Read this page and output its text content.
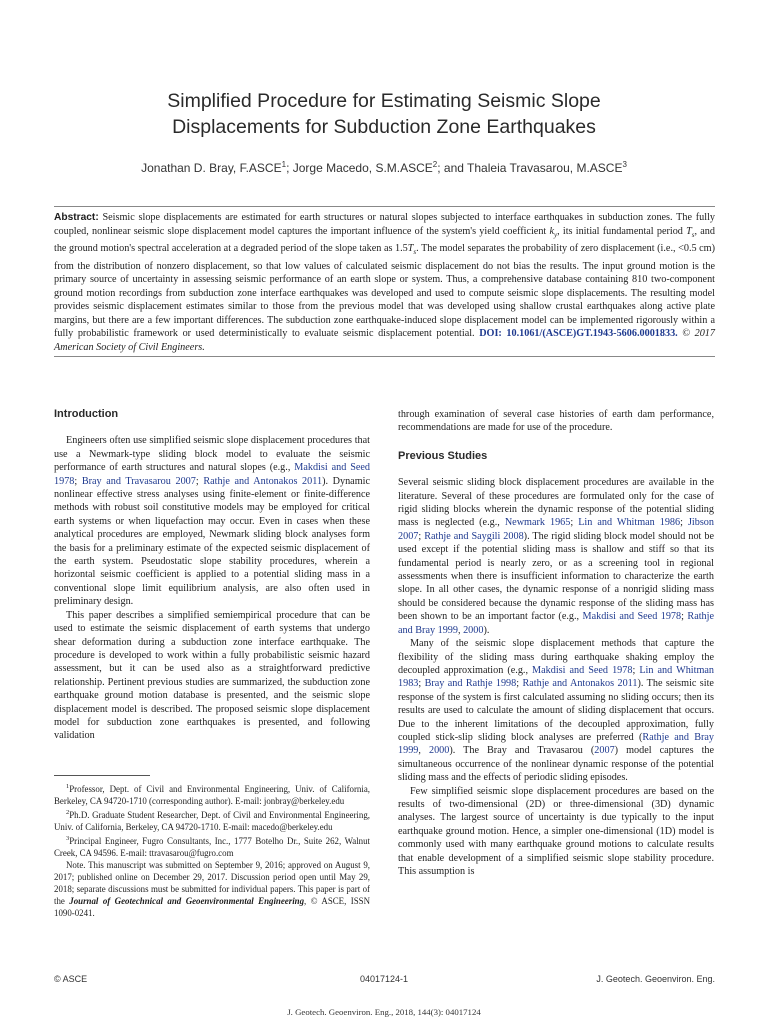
Simplified Procedure for Estimating Seismic Slope
Displacements for Subduction Zone Earthquakes
Jonathan D. Bray, F.ASCE$^1$; Jorge Macedo, S.M.ASCE$^2$; and Thaleia Travasarou, M.ASCE$^3$
Abstract: Seismic slope displacements are estimated for earth structures or natural slopes subjected to interface earthquakes in subduction zones. The fully coupled, nonlinear seismic slope displacement model captures the important influence of the system's yield coefficient $k_y$, its initial fundamental period $T_s$, and the ground motion's spectral acceleration at a degraded period of the slope taken as $1.5T_s$. The model separates the probability of zero displacement (i.e., <0.5 cm) from the distribution of nonzero displacement, so that low values of calculated seismic displacement do not bias the results. The input ground motion is the primary source of uncertainty in assessing seismic performance of an earth slope or system. Thus, a comprehensive database containing 810 two-component ground motion recordings from subduction zone interface earthquakes was developed and used to compute seismic slope displacements. The resulting model provides seismic displacement estimates similar to those from the previous model that was developed using shallow crustal earthquakes along active plate margins, but there are a few important differences. The subduction zone earthquake-induced slope displacement model can be implemented rigorously within a fully probabilistic framework or used deterministically to evaluate seismic displacement potential. DOI: 10.1061/(ASCE)GT.1943-5606.0001833. © 2017 American Society of Civil Engineers.
Introduction

Engineers often use simplified seismic slope displacement procedures that use a Newmark-type sliding block model to evaluate the seismic performance of earth structures and natural slopes (e.g., Makdisi and Seed 1978; Bray and Travasarou 2007; Rathje and Antonakos 2011). Dynamic nonlinear effective stress analyses using finite-element or finite-difference methods with robust soil constitutive models may be employed for critical earth systems or when liquefaction may occur. Even in cases when these analytical procedures are employed, Newmark sliding block analyses form the basis for a preliminary estimate of the expected seismic displacement of the earth system. Pseudostatic slope stability procedures, wherein a horizontal seismic coefficient is applied to a potential sliding mass in a conventional slope limit equilibrium analysis, are also often used in preliminary design.

This paper describes a simplified semiempirical procedure that can be used to estimate the seismic displacement of earth systems that undergo shear deformation during a subduction zone interface earthquake. The procedure is developed to work within a fully probabilistic seismic hazard assessment, but it can be used also as a straightforward predictive relationship. Pertinent previous studies are summarized, the subduction zone earthquake ground motion database is presented, and the seismic slope displacement model is described. The proposed seismic slope displacement model for subduction zone earthquakes is presented, and following validation

$^1$Professor, Dept. of Civil and Environmental Engineering, Univ. of California, Berkeley, CA 94720-1710 (corresponding author). E-mail: jonbray@berkeley.edu
$^2$Ph.D. Graduate Student Researcher, Dept. of Civil and Environmental Engineering, Univ. of California, Berkeley, CA 94720-1710. E-mail: macedo@berkeley.edu
$^3$Principal Engineer, Fugro Consultants, Inc., 1777 Botelho Dr., Suite 262, Walnut Creek, CA 94596. E-mail: ttravasarou@fugro.com
Note. This manuscript was submitted on September 9, 2016; approved on August 9, 2017; published online on December 29, 2017. Discussion period open until May 29, 2018; separate discussions must be submitted for individual papers. This paper is part of the Journal of Geotechnical and Geoenvironmental Engineering, © ASCE, ISSN 1090-0241.

through examination of several case histories of earth dam performance, recommendations are made for use of the procedure.

Previous Studies

Several seismic sliding block displacement procedures are available in the literature. Several of these procedures are formulated only for the case of rigid sliding blocks wherein the dynamic response of the potential sliding mass is neglected (e.g., Newmark 1965; Lin and Whitman 1986; Jibson 2007; Rathje and Saygili 2008). The rigid sliding block model should not be used except if the potential sliding mass is shallow and stiff so that its fundamental period is nearly zero, or as a screening tool in regional assessments when there is insufficient information to characterize the earth slope. In all other cases, the dynamic response of a nonrigid sliding mass should be considered because the dynamic response of the sliding mass has been shown to be an important factor (e.g., Makdisi and Seed 1978; Rathje and Bray 1999, 2000).

Many of the seismic slope displacement methods that capture the flexibility of the sliding mass during earthquake shaking employ the decoupled approximation (e.g., Makdisi and Seed 1978; Lin and Whitman 1983; Bray and Rathje 1998; Rathje and Antonakos 2011). The seismic site response of the system is first calculated assuming no sliding occurs; then its results are used to calculate the amount of sliding displacement that occurs. Due to the inherent limitations of the decoupled approximation, fully coupled stick-slip sliding block analyses are preferred (Rathje and Bray 1999, 2000). The Bray and Travasarou (2007) model captures the simultaneous occurrence of the nonlinear dynamic response of the potential sliding mass and the effects of periodic sliding episodes.

Few simplified seismic slope displacement procedures are based on the results of two-dimensional (2D) or three-dimensional (3D) dynamic analyses. The largest source of uncertainty is due typically to the input earthquake ground motion. Hence, a simpler one-dimensional (1D) model is commonly used with many earthquake ground motions to calculate results that enable development of a simplified seismic slope stability procedure. This assumption is

© ASCE	04017124-1	J. Geotech. Geoenviron. Eng.
J. Geotech. Geoenviron. Eng., 2018, 144(3): 04017124
